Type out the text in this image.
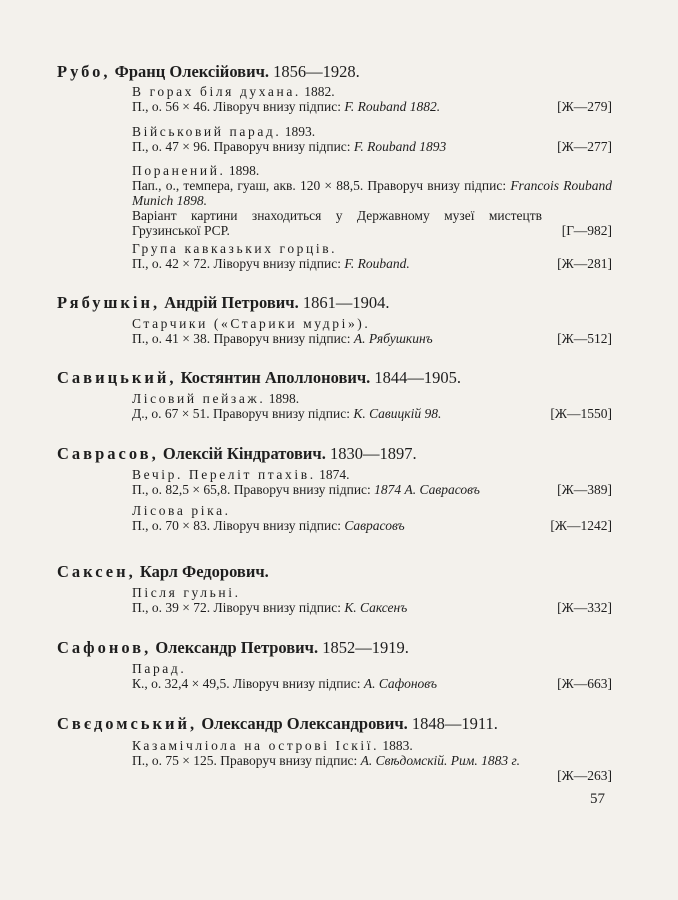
Рубо, Франц Олексійович. 1856—1928.
В горах біля духана. 1882.
П., о. 56 × 46. Ліворуч внизу підпис: F. Rouband 1882.	[Ж—279]
Військовий парад. 1893.
П., о. 47 × 96. Праворуч внизу підпис: F. Rouband 1893	[Ж—277]
Поранений. 1898.
Пап., о., темпера, гуаш, акв. 120 × 88,5. Праворуч внизу підпис: Francois Rouband Munich 1898.
Варіант картини знаходиться у Державному музеї мистецтв Грузинської РСР.	[Г—982]
Група кавказьких горців.
П., о. 42 × 72. Ліворуч внизу підпис: F. Rouband.	[Ж—281]
Рябушкін, Андрій Петрович. 1861—1904.
Старчики («Старики мудрі»).
П., о. 41 × 38. Праворуч внизу підпис: А. Рябушкинъ	[Ж—512]
Савицький, Костянтин Аполлонович. 1844—1905.
Лісовий пейзаж. 1898.
Д., о. 67 × 51. Праворуч внизу підпис: К. Савицкій 98.	[Ж—1550]
Саврасов, Олексій Кіндратович. 1830—1897.
Вечір. Переліт птахів. 1874.
П., о. 82,5 × 65,8. Праворуч внизу підпис: 1874 А. Саврасовъ	[Ж—389]
Лісова ріка.
П., о. 70 × 83. Ліворуч внизу підпис: Саврасовъ	[Ж—1242]
Саксен, Карл Федорович.
Після гульні.
П., о. 39 × 72. Ліворуч внизу підпис: К. Саксенъ	[Ж—332]
Сафонов, Олександр Петрович. 1852—1919.
Парад.
К., о. 32,4 × 49,5. Ліворуч внизу підпис: А. Сафоновъ	[Ж—663]
Свєдомський, Олександр Олександрович. 1848—1911.
Казамічліола на острові Іскії. 1883.
П., о. 75 × 125. Праворуч внизу підпис: А. Свѣдомскій. Рим. 1883 г.
[Ж—263]
57
